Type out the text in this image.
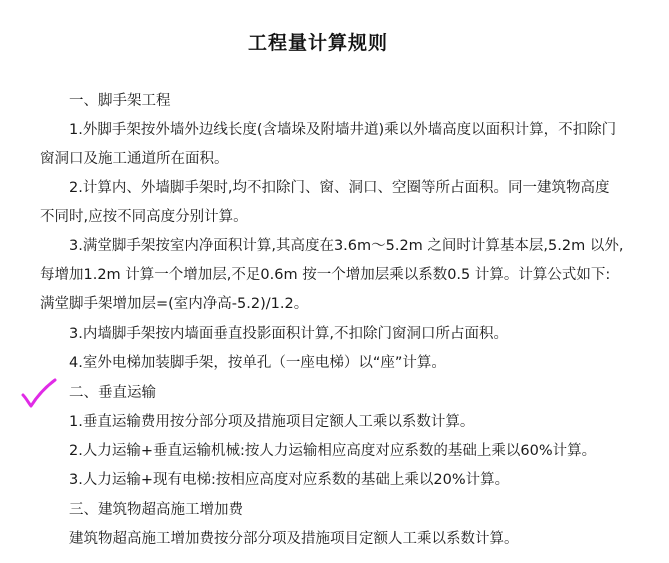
工程量计算规则
一、脚手架工程
1.外脚手架按外墙外边线长度(含墙垛及附墙井道)乘以外墙高度以面积计算，不扣除门
窗洞口及施工通道所在面积。
2.计算内、外墙脚手架时,均不扣除门、窗、洞口、空圈等所占面积。同一建筑物高度
不同时,应按不同高度分别计算。
3.满堂脚手架按室内净面积计算,其高度在3.6m～5.2m 之间时计算基本层,5.2m 以外,
每增加1.2m 计算一个增加层,不足0.6m 按一个增加层乘以系数0.5 计算。计算公式如下:
满堂脚手架增加层=(室内净高-5.2)/1.2。
3.内墙脚手架按内墙面垂直投影面积计算,不扣除门窗洞口所占面积。
4.室外电梯加装脚手架，按单孔（一座电梯）以“座”计算。
二、垂直运输
1.垂直运输费用按分部分项及措施项目定额人工乘以系数计算。
2.人力运输+垂直运输机械:按人力运输相应高度对应系数的基础上乘以60%计算。
3.人力运输+现有电梯:按相应高度对应系数的基础上乘以20%计算。
三、建筑物超高施工增加费
建筑物超高施工增加费按分部分项及措施项目定额人工乘以系数计算。
